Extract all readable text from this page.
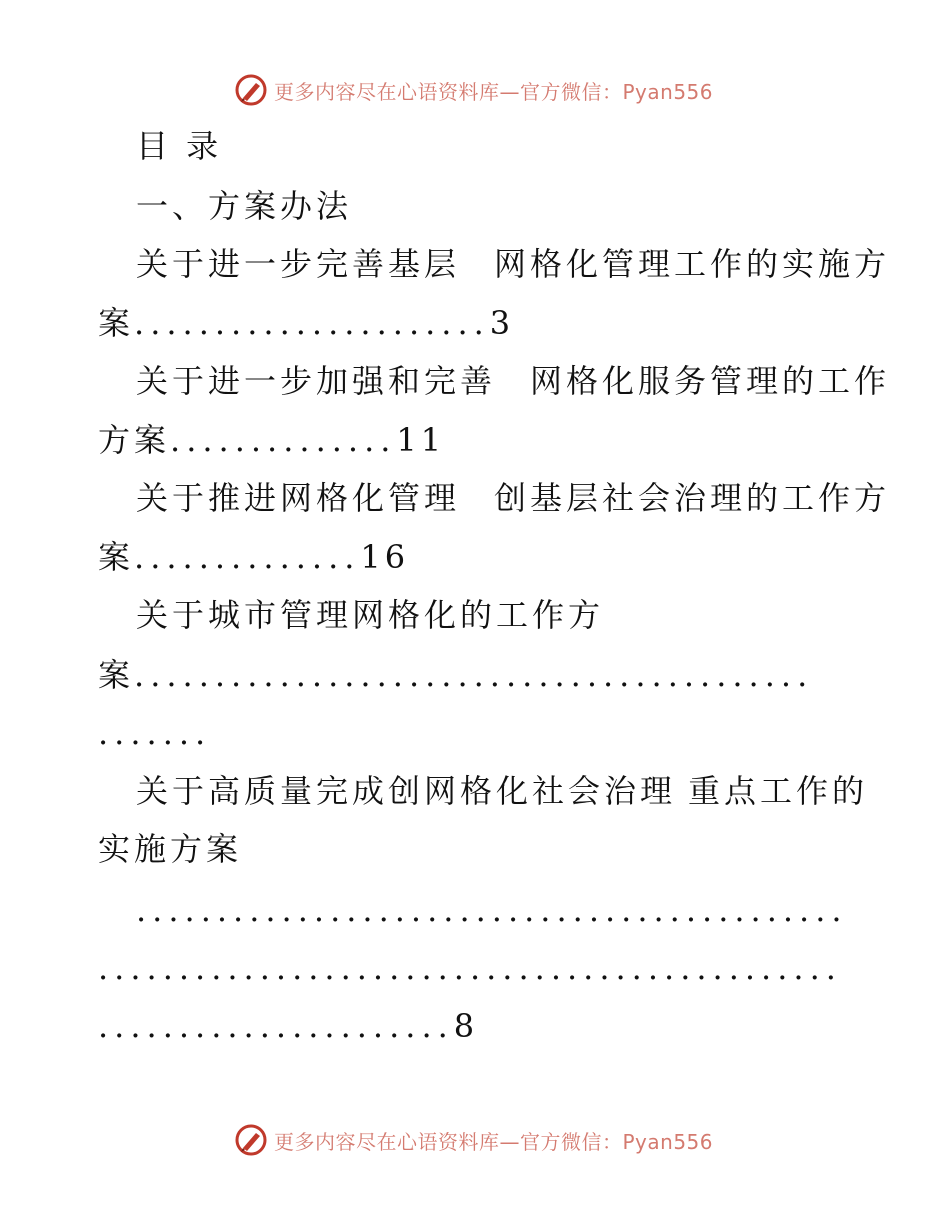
更多内容尽在心语资料库—官方微信：Pyan556
目 录
一、方案办法
关于进一步完善基层 网格化管理工作的实施方
案......................3
关于进一步加强和完善 网格化服务管理的工作
方案..............11
关于推进网格化管理 创基层社会治理的工作方
案..............16
关于城市管理网格化的工作方
案..........................................
.......
关于高质量完成创网格化社会治理 重点工作的
实施方案
............................................
..............................................
......................8
更多内容尽在心语资料库—官方微信：Pyan556
